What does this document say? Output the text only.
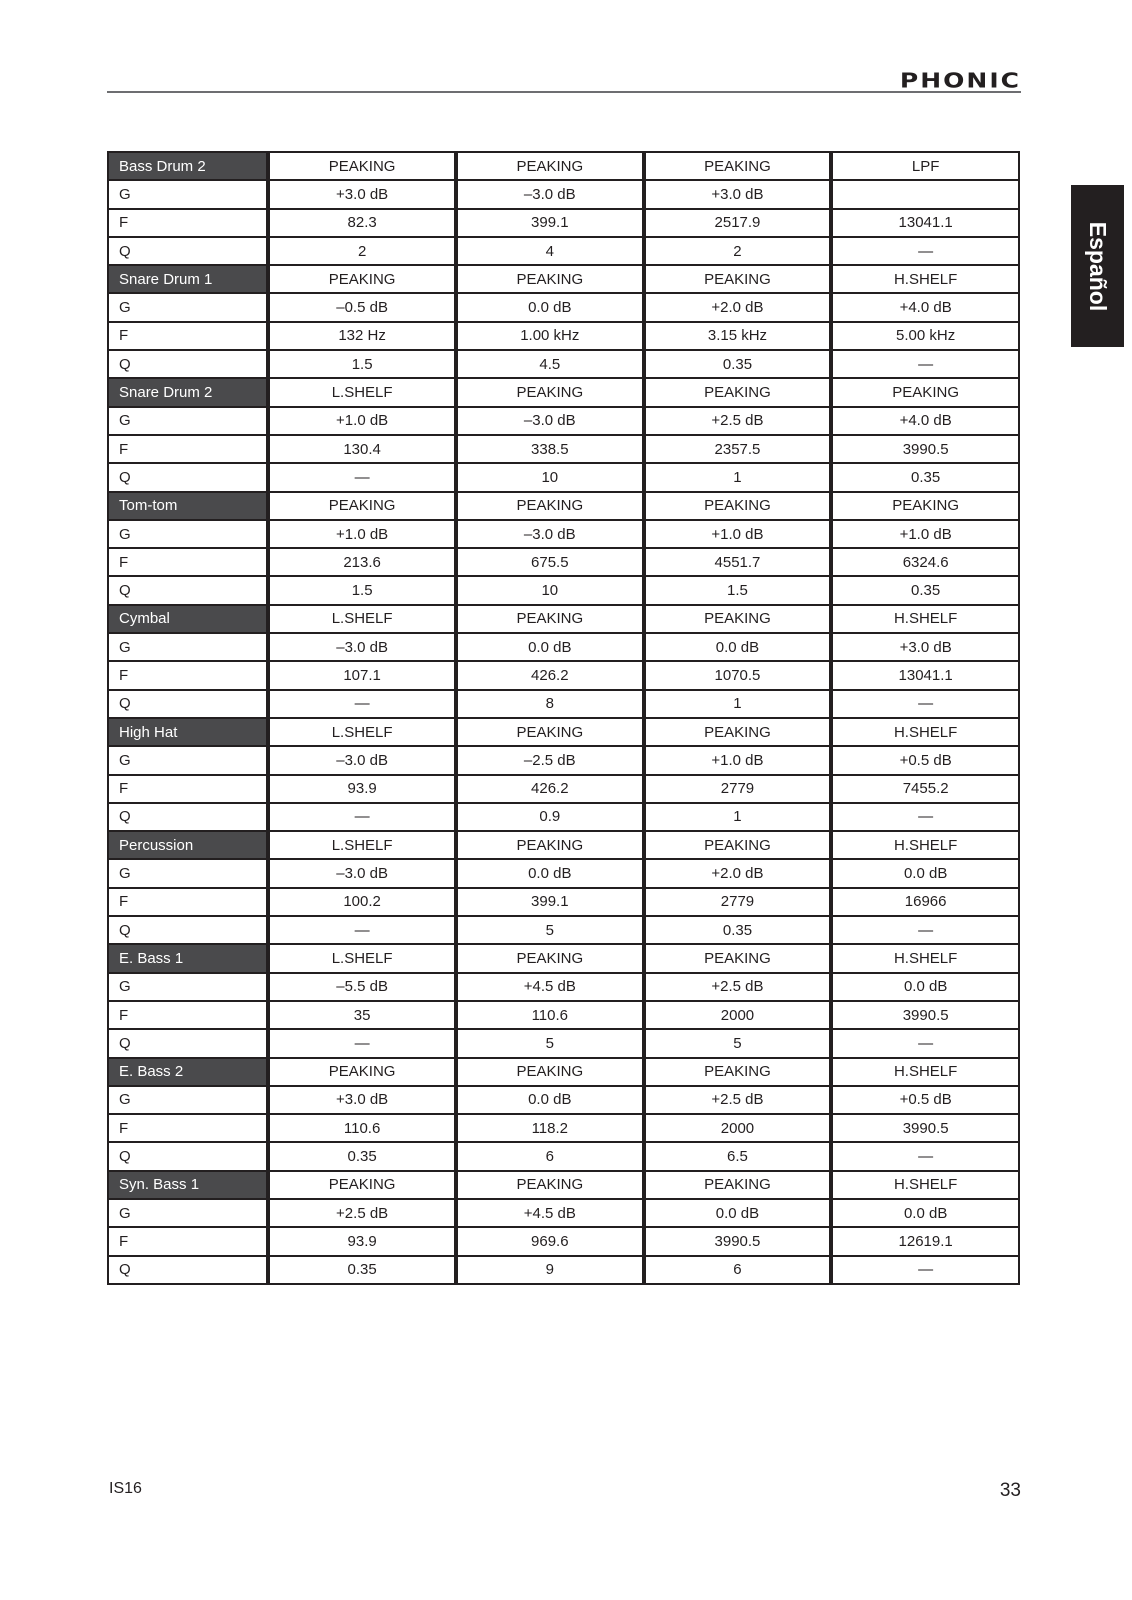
PHONIC
Español
Bass Drum 2	PEAKING	PEAKING	PEAKING	LPF
G	+3.0 dB	–3.0 dB	+3.0 dB	
F	82.3	399.1	2517.9	13041.1
Q	2	4	2	—
Snare Drum 1	PEAKING	PEAKING	PEAKING	H.SHELF
G	–0.5 dB	0.0 dB	+2.0 dB	+4.0 dB
F	132 Hz	1.00 kHz	3.15 kHz	5.00 kHz
Q	1.5	4.5	0.35	—
Snare Drum 2	L.SHELF	PEAKING	PEAKING	PEAKING
G	+1.0 dB	–3.0 dB	+2.5 dB	+4.0 dB
F	130.4	338.5	2357.5	3990.5
Q	—	10	1	0.35
Tom-tom	PEAKING	PEAKING	PEAKING	PEAKING
G	+1.0 dB	–3.0 dB	+1.0 dB	+1.0 dB
F	213.6	675.5	4551.7	6324.6
Q	1.5	10	1.5	0.35
Cymbal	L.SHELF	PEAKING	PEAKING	H.SHELF
G	–3.0 dB	0.0 dB	0.0 dB	+3.0 dB
F	107.1	426.2	1070.5	13041.1
Q	—	8	1	—
High Hat	L.SHELF	PEAKING	PEAKING	H.SHELF
G	–3.0 dB	–2.5 dB	+1.0 dB	+0.5 dB
F	93.9	426.2	2779	7455.2
Q	—	0.9	1	—
Percussion	L.SHELF	PEAKING	PEAKING	H.SHELF
G	–3.0 dB	0.0 dB	+2.0 dB	0.0 dB
F	100.2	399.1	2779	16966
Q	—	5	0.35	—
E. Bass 1	L.SHELF	PEAKING	PEAKING	H.SHELF
G	–5.5 dB	+4.5 dB	+2.5 dB	0.0 dB
F	35	110.6	2000	3990.5
Q	—	5	5	—
E. Bass 2	PEAKING	PEAKING	PEAKING	H.SHELF
G	+3.0 dB	0.0 dB	+2.5 dB	+0.5 dB
F	110.6	118.2	2000	3990.5
Q	0.35	6	6.5	—
Syn. Bass 1	PEAKING	PEAKING	PEAKING	H.SHELF
G	+2.5 dB	+4.5 dB	0.0 dB	0.0 dB
F	93.9	969.6	3990.5	12619.1
Q	0.35	9	6	—
IS16	33
